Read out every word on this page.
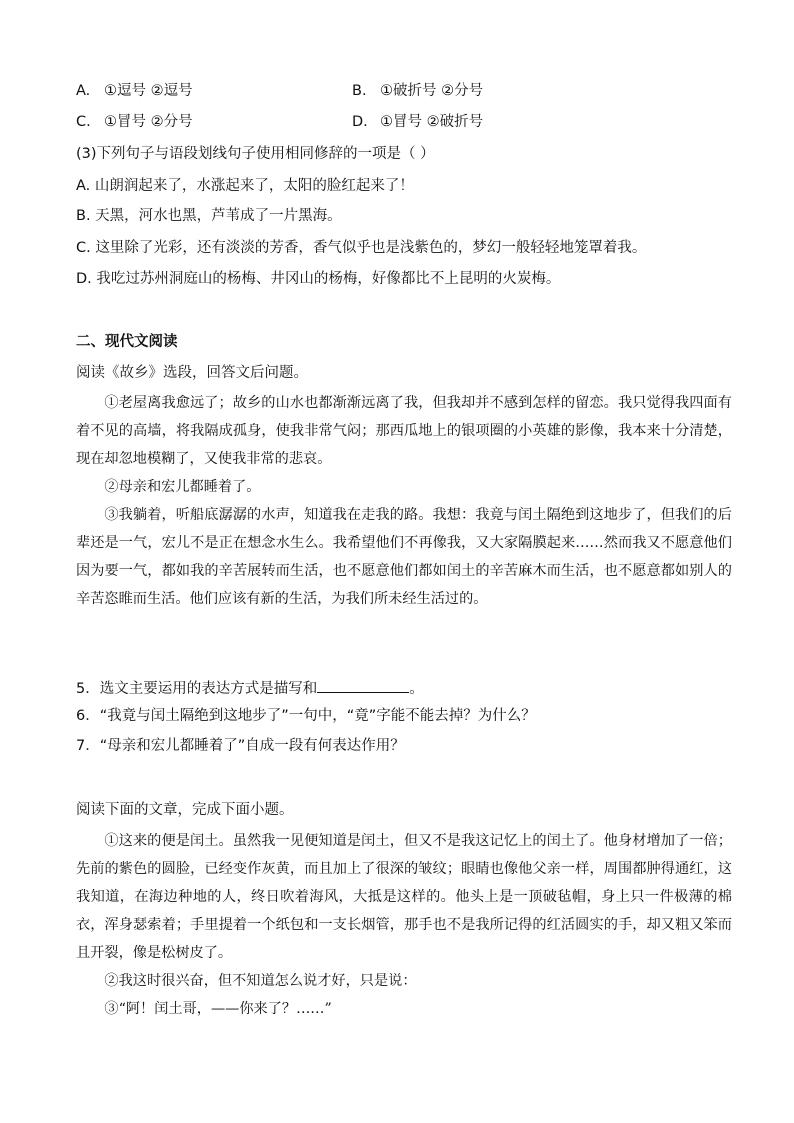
A. ①逗号 ②逗号	B. ①破折号 ②分号
C. ①冒号 ②分号	D. ①冒号 ②破折号
(3)下列句子与语段划线句子使用相同修辞的一项是（ ）
A. 山朗润起来了，水涨起来了，太阳的脸红起来了！
B. 天黑，河水也黑，芦苇成了一片黑海。
C. 这里除了光彩，还有淡淡的芳香，香气似乎也是浅紫色的，梦幻一般轻轻地笼罩着我。
D. 我吃过苏州洞庭山的杨梅、井冈山的杨梅，好像都比不上昆明的火炭梅。
二、现代文阅读
阅读《故乡》选段，回答文后问题。

①老屋离我愈远了；故乡的山水也都渐渐远离了我，但我却并不感到怎样的留恋。我只觉得我四面有着不见的高墙，将我隔成孤身，使我非常气闷；那西瓜地上的银项圈的小英雄的影像，我本来十分清楚，现在却忽地模糊了，又使我非常的悲哀。

②母亲和宏儿都睡着了。

③我躺着，听船底潺潺的水声，知道我在走我的路。我想：我竟与闰土隔绝到这地步了，但我们的后辈还是一气，宏儿不是正在想念水生么。我希望他们不再像我，又大家隔膜起来……然而我又不愿意他们因为要一气，都如我的辛苦展转而生活，也不愿意他们都如闰土的辛苦麻木而生活，也不愿意都如别人的辛苦恣睢而生活。他们应该有新的生活，为我们所未经生活过的。

5．选文主要运用的表达方式是描写和	。
6．“我竟与闰土隔绝到这地步了”一句中，“竟”字能不能去掉？为什么？
7．“母亲和宏儿都睡着了”自成一段有何表达作用？
阅读下面的文章，完成下面小题。

①这来的便是闰土。虽然我一见便知道是闰土，但又不是我这记忆上的闰土了。他身材增加了一倍；先前的紫色的圆脸，已经变作灰黄，而且加上了很深的皱纹；眼睛也像他父亲一样，周围都肿得通红，这我知道，在海边种地的人，终日吹着海风，大抵是这样的。他头上是一顶破毡帽，身上只一件极薄的棉衣，浑身瑟索着；手里提着一个纸包和一支长烟管，那手也不是我所记得的红活圆实的手，却又粗又笨而且开裂，像是松树皮了。

②我这时很兴奋，但不知道怎么说才好，只是说：

③“阿！闰土哥，——你来了？……”
